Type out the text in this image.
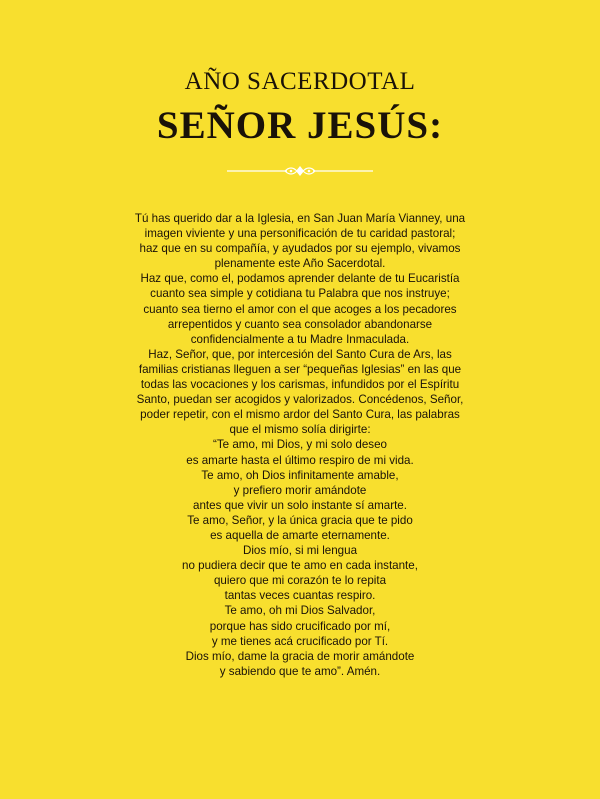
AÑO SACERDOTAL
SEÑOR JESÚS:
Tú has querido dar a la Iglesia, en San Juan María Vianney, una
imagen viviente y una personificación de tu caridad pastoral;
haz que en su compañía, y ayudados por su ejemplo, vivamos
plenamente este Año Sacerdotal.
Haz que, como el, podamos aprender delante de tu Eucaristía
cuanto sea simple y cotidiana tu Palabra que nos instruye;
cuanto sea tierno el amor con el que acoges a los pecadores
arrepentidos y cuanto sea consolador abandonarse
confidencialmente a tu Madre Inmaculada.
Haz, Señor, que, por intercesión del Santo Cura de Ars, las
familias cristianas lleguen a ser “pequeñas Iglesias” en las que
todas las vocaciones y los carismas, infundidos por el Espíritu
Santo, puedan ser acogidos y valorizados. Concédenos, Señor,
poder repetir, con el mismo ardor del Santo Cura, las palabras
que el mismo solía dirigirte:
“Te amo, mi Dios, y mi solo deseo
es amarte hasta el último respiro de mi vida.
Te amo, oh Dios infinitamente amable,
y prefiero morir amándote
antes que vivir un solo instante sí amarte.
Te amo, Señor, y la única gracia que te pido
es aquella de amarte eternamente.
Dios mío, si mi lengua
no pudiera decir que te amo en cada instante,
quiero que mi corazón te lo repita
tantas veces cuantas respiro.
Te amo, oh mi Dios Salvador,
porque has sido crucificado por mí,
y me tienes acá crucificado por Tí.
Dios mío, dame la gracia de morir amándote
y sabiendo que te amo”. Amén.
